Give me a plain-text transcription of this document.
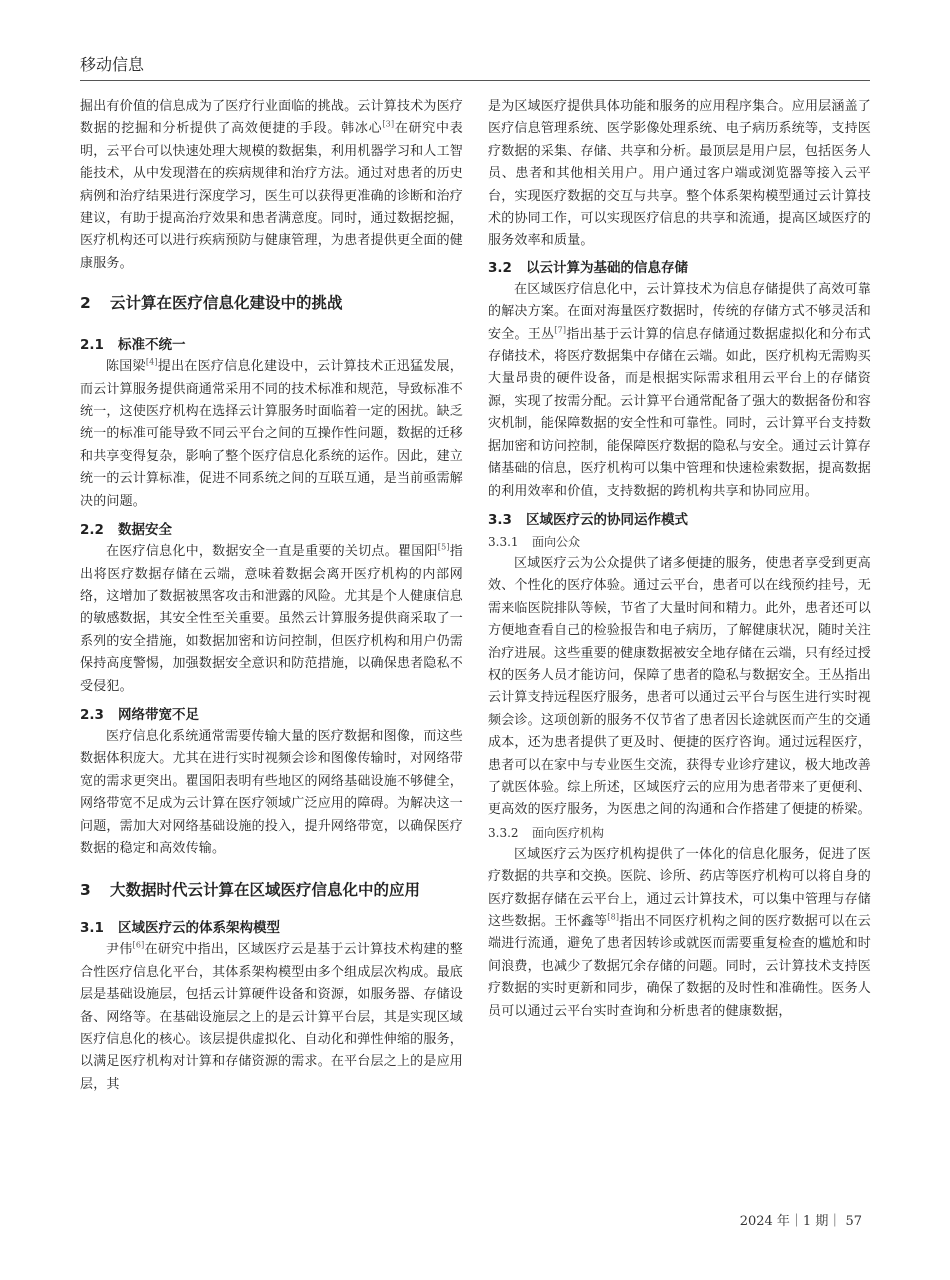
移动信息

掘出有价值的信息成为了医疗行业面临的挑战。云计算技术为医疗数据的挖掘和分析提供了高效便捷的手段。韩冰心[3]在研究中表明，云平台可以快速处理大规模的数据集，利用机器学习和人工智能技术，从中发现潜在的疾病规律和治疗方法。通过对患者的历史病例和治疗结果进行深度学习，医生可以获得更准确的诊断和治疗建议，有助于提高治疗效果和患者满意度。同时，通过数据挖掘，医疗机构还可以进行疾病预防与健康管理，为患者提供更全面的健康服务。

2	云计算在医疗信息化建设中的挑战
2.1 标准不统一

陈国梁[4]提出在医疗信息化建设中，云计算技术正迅猛发展，而云计算服务提供商通常采用不同的技术标准和规范，导致标准不统一，这使医疗机构在选择云计算服务时面临着一定的困扰。缺乏统一的标准可能导致不同云平台之间的互操作性问题，数据的迁移和共享变得复杂，影响了整个医疗信息化系统的运作。因此，建立统一的云计算标准，促进不同系统之间的互联互通，是当前亟需解决的问题。

2.2 数据安全

在医疗信息化中，数据安全一直是重要的关切点。瞿国阳[5]指出将医疗数据存储在云端，意味着数据会离开医疗机构的内部网络，这增加了数据被黑客攻击和泄露的风险。尤其是个人健康信息的敏感数据，其安全性至关重要。虽然云计算服务提供商采取了一系列的安全措施，如数据加密和访问控制，但医疗机构和用户仍需保持高度警惕，加强数据安全意识和防范措施，以确保患者隐私不受侵犯。

2.3 网络带宽不足

医疗信息化系统通常需要传输大量的医疗数据和图像，而这些数据体积庞大。尤其在进行实时视频会诊和图像传输时，对网络带宽的需求更突出。瞿国阳表明有些地区的网络基础设施不够健全，网络带宽不足成为云计算在医疗领域广泛应用的障碍。为解决这一问题，需加大对网络基础设施的投入，提升网络带宽，以确保医疗数据的稳定和高效传输。

3	大数据时代云计算在区域医疗信息化中的应用
3.1 区域医疗云的体系架构模型

尹伟[6]在研究中指出，区域医疗云是基于云计算技术构建的整合性医疗信息化平台，其体系架构模型由多个组成层次构成。最底层是基础设施层，包括云计算硬件设备和资源，如服务器、存储设备、网络等。在基础设施层之上的是云计算平台层，其是实现区域医疗信息化的核心。该层提供虚拟化、自动化和弹性伸缩的服务，以满足医疗机构对计算和存储资源的需求。在平台层之上的是应用层，其

是为区域医疗提供具体功能和服务的应用程序集合。应用层涵盖了医疗信息管理系统、医学影像处理系统、电子病历系统等，支持医疗数据的采集、存储、共享和分析。最顶层是用户层，包括医务人员、患者和其他相关用户。用户通过客户端或浏览器等接入云平台，实现医疗数据的交互与共享。整个体系架构模型通过云计算技术的协同工作，可以实现医疗信息的共享和流通，提高区域医疗的服务效率和质量。

3.2 以云计算为基础的信息存储

在区域医疗信息化中，云计算技术为信息存储提供了高效可靠的解决方案。在面对海量医疗数据时，传统的存储方式不够灵活和安全。王丛[7]指出基于云计算的信息存储通过数据虚拟化和分布式存储技术，将医疗数据集中存储在云端。如此，医疗机构无需购买大量昂贵的硬件设备，而是根据实际需求租用云平台上的存储资源，实现了按需分配。云计算平台通常配备了强大的数据备份和容灾机制，能保障数据的安全性和可靠性。同时，云计算平台支持数据加密和访问控制，能保障医疗数据的隐私与安全。通过云计算存储基础的信息，医疗机构可以集中管理和快速检索数据，提高数据的利用效率和价值，支持数据的跨机构共享和协同应用。

3.3 区域医疗云的协同运作模式
3.3.1 面向公众

区域医疗云为公众提供了诸多便捷的服务，使患者享受到更高效、个性化的医疗体验。通过云平台，患者可以在线预约挂号，无需来临医院排队等候，节省了大量时间和精力。此外，患者还可以方便地查看自己的检验报告和电子病历，了解健康状况，随时关注治疗进展。这些重要的健康数据被安全地存储在云端，只有经过授权的医务人员才能访问，保障了患者的隐私与数据安全。王丛指出云计算支持远程医疗服务，患者可以通过云平台与医生进行实时视频会诊。这项创新的服务不仅节省了患者因长途就医而产生的交通成本，还为患者提供了更及时、便捷的医疗咨询。通过远程医疗，患者可以在家中与专业医生交流，获得专业诊疗建议，极大地改善了就医体验。综上所述，区域医疗云的应用为患者带来了更便利、更高效的医疗服务，为医患之间的沟通和合作搭建了便捷的桥梁。

3.3.2 面向医疗机构

区域医疗云为医疗机构提供了一体化的信息化服务，促进了医疗数据的共享和交换。医院、诊所、药店等医疗机构可以将自身的医疗数据存储在云平台上，通过云计算技术，可以集中管理与存储这些数据。王怀鑫等[8]指出不同医疗机构之间的医疗数据可以在云端进行流通，避免了患者因转诊或就医而需要重复检查的尴尬和时间浪费，也减少了数据冗余存储的问题。同时，云计算技术支持医疗数据的实时更新和同步，确保了数据的及时性和准确性。医务人员可以通过云平台实时查询和分析患者的健康数据，

2024 年｜1 期｜ 57
